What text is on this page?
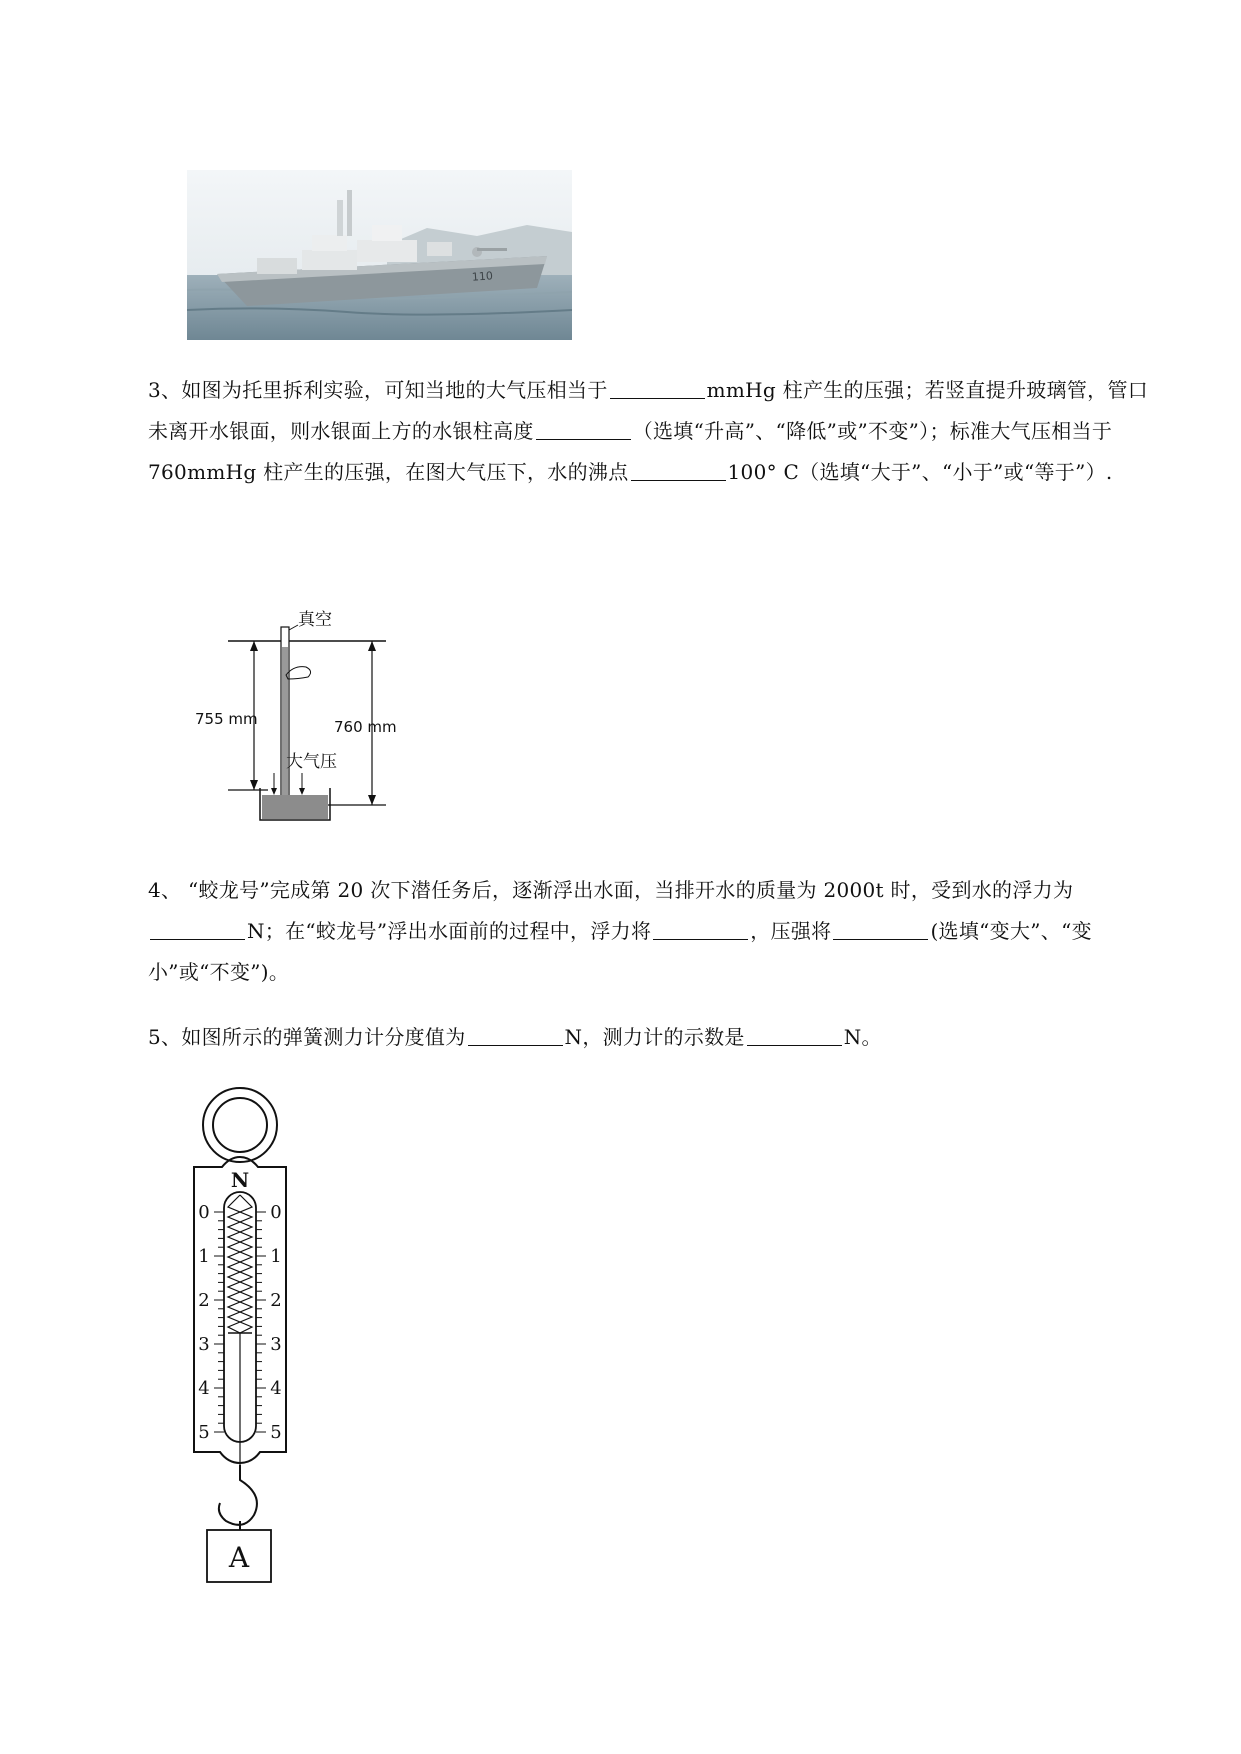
110
3、如图为托里拆利实验，可知当地的大气压相当于	mmHg 柱产生的压强；若竖直提升玻璃管，管口未离开水银面，则水银面上方的水银柱高度	（选填“升高”、“降低”或”不变”）；标准大气压相当于 760mmHg 柱产生的压强，在图大气压下，水的沸点	100° C（选填“大于”、“小于”或“等于”）.
真空
755 mm	760 mm
大气压
4、 “蛟龙号”完成第 20 次下潜任务后，逐渐浮出水面，当排开水的质量为 2000t 时，受到水的浮力为N；在“蛟龙号”浮出水面前的过程中，浮力将	，压强将	(选填“变大”、“变小”或“不变”)。
5、如图所示的弹簧测力计分度值为	N，测力计的示数是	N。
N
0
1
2
3
4
5
0
1
2
3
4
5
A
